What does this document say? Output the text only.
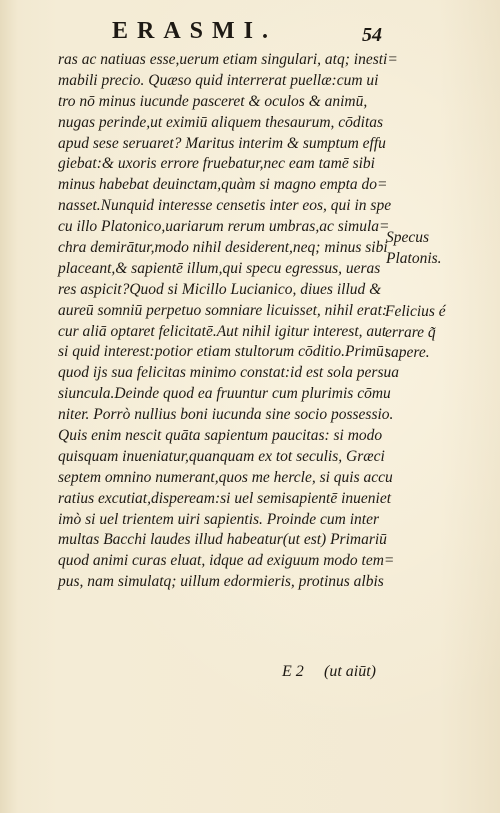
ERASMI.	54
ras ac natiuas esse,uerum etiam singulari, atq; inesti=
mabili precio. Quæso quid interrerat puellæ:cum ui
tro nō minus iucunde pasceret & oculos & animū,
nugas perinde,ut eximiū aliquem thesaurum, cōditas
apud sese seruaret? Maritus interim & sumptum effu
giebat:& uxoris errore fruebatur,nec eam tamē sibi
minus habebat deuinctam,quàm si magno empta do=
nasset.Nunquid interesse censetis inter eos, qui in spe
cu illo Platonico,uariarum rerum umbras,ac simula=
chra demirātur,modo nihil desiderent,neq; minus sibi
placeant,& sapientē illum,qui specu egressus, ueras
res aspicit?Quod si Micillo Lucianico, diues illud &
aureū somniū perpetuo somniare licuisset, nihil erat:
cur aliā optaret felicitatē.Aut nihil igitur interest, aut
si quid interest:potior etiam stultorum cōditio.Primū:
quod ijs sua felicitas minimo constat:id est sola persua
siuncula.Deinde quod ea fruuntur cum plurimis cōmu
niter. Porrò nullius boni iucunda sine socio possessio.
Quis enim nescit quāta sapientum paucitas: si modo
quisquam inueniatur,quanquam ex tot seculis, Græci
septem omnino numerant,quos me hercle, si quis accu
ratius excutiat,dispeream:si uel semisapientē inueniet
imò si uel trientem uiri sapientis. Proinde cum inter
multas Bacchi laudes illud habeatur(ut est) Primariū
quod animi curas eluat, idque ad exiguum modo tem=
pus, nam simulatq; uillum edormieris, protinus albis
Specus
Platonis.
Felicius é
errare q̃
sapere.
E 2 (ut aiūt)
